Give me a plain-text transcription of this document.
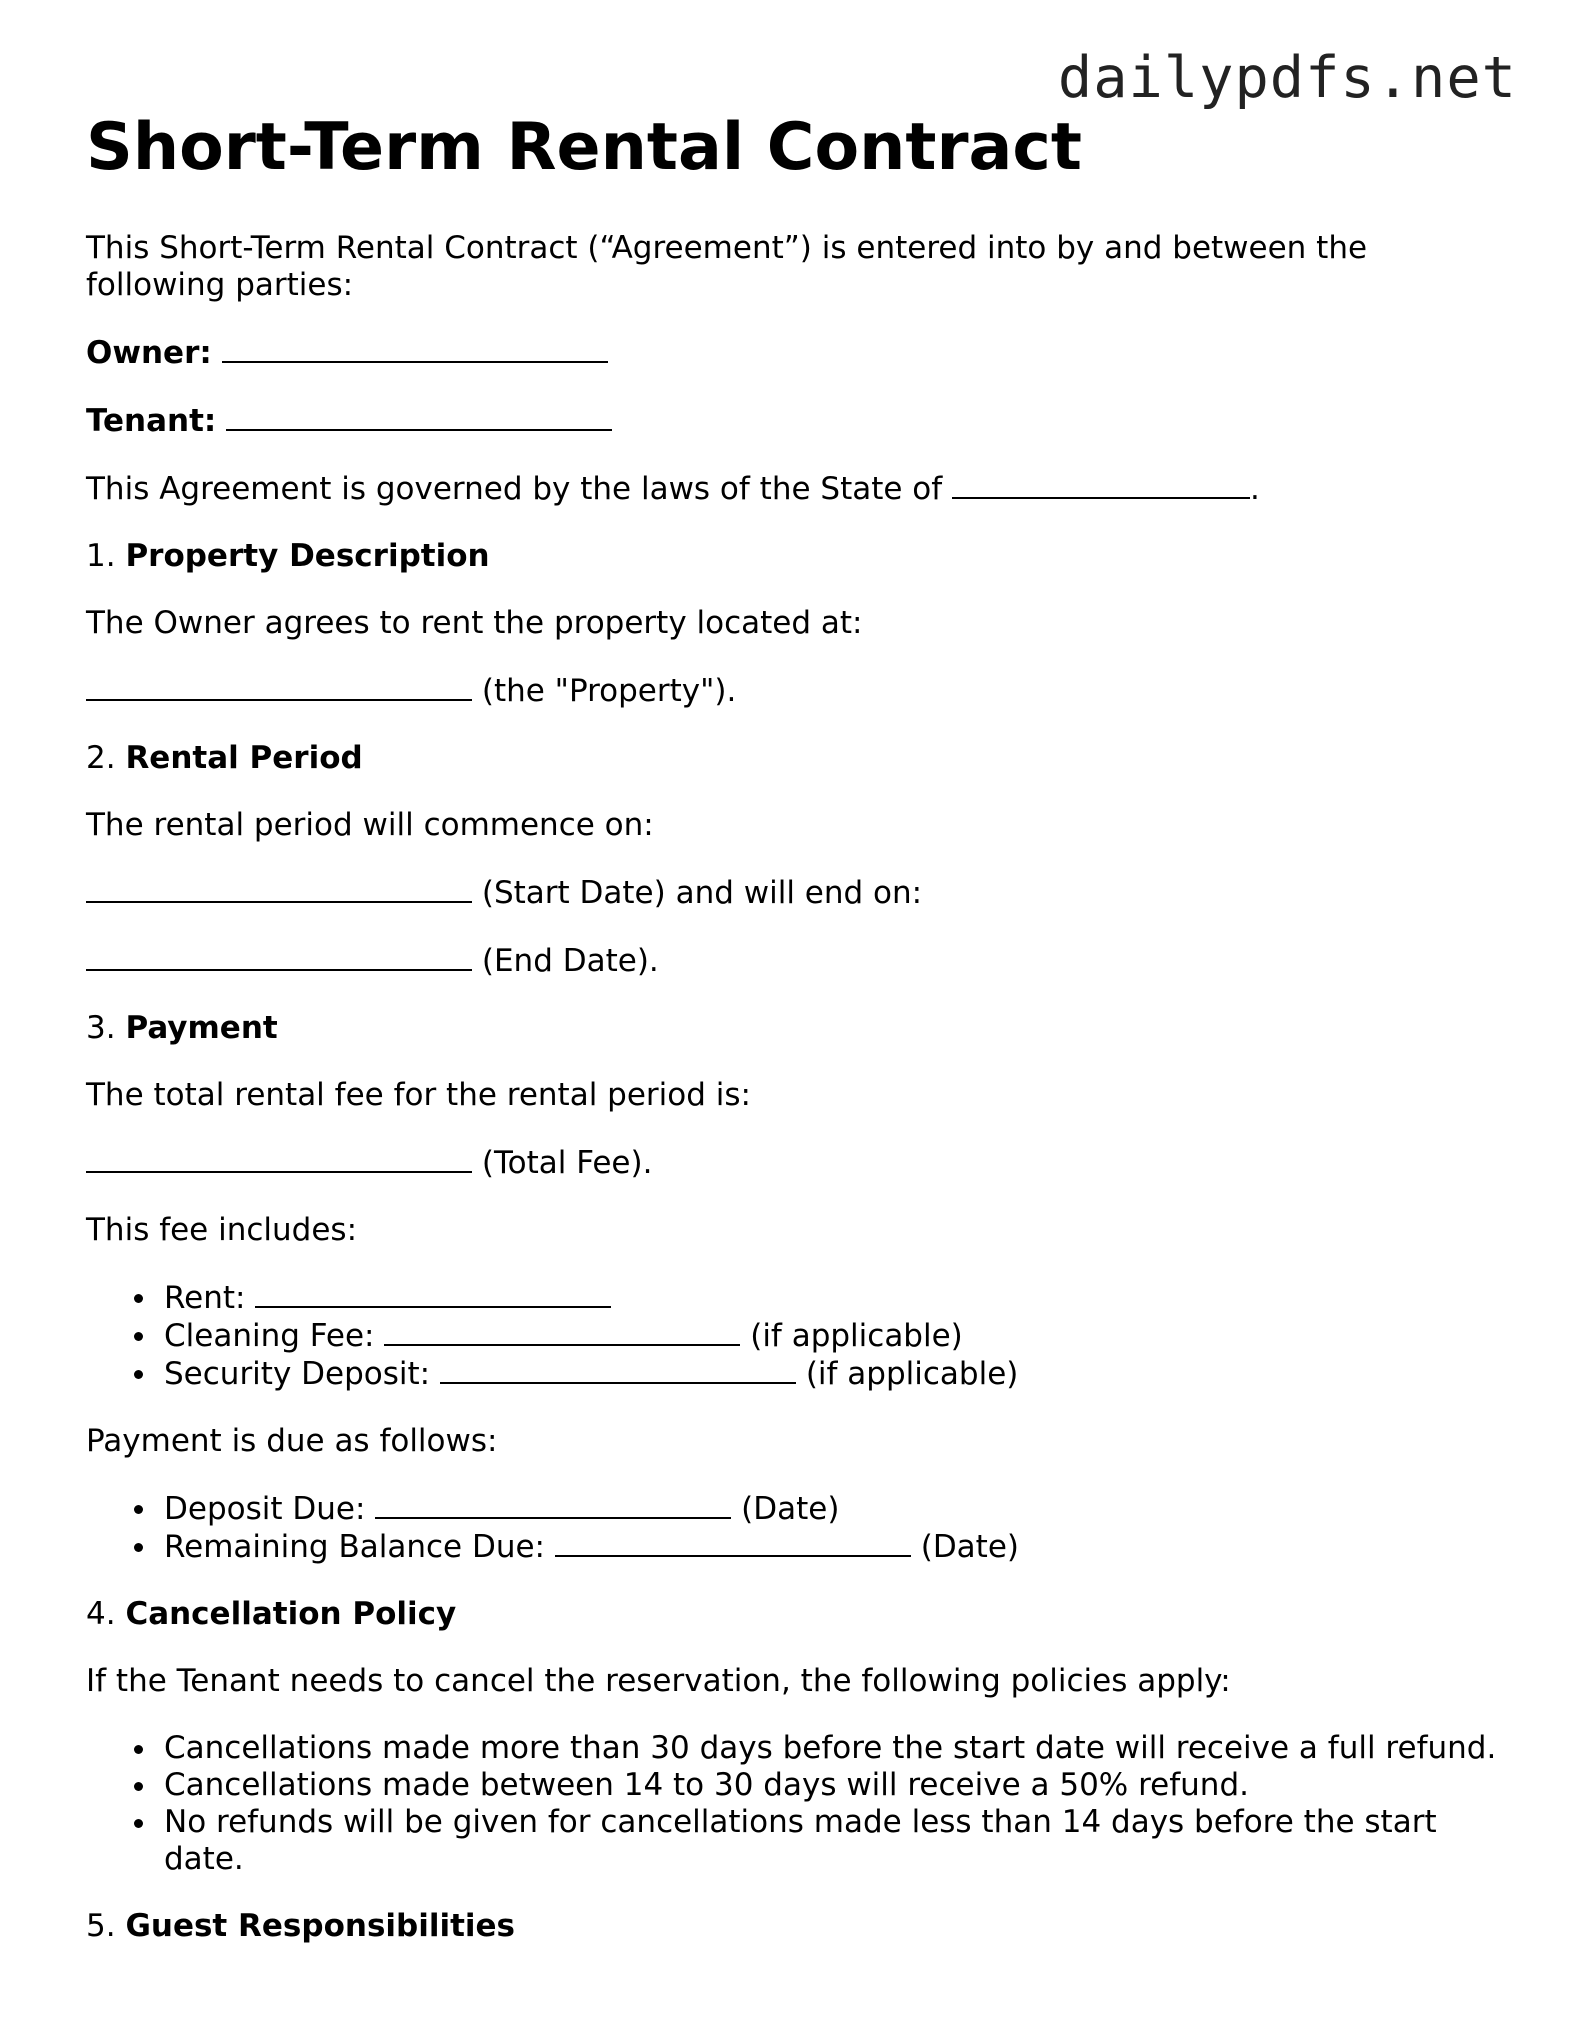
dailypdfs.net
Short-Term Rental Contract

This Short-Term Rental Contract (“Agreement”) is entered into by and between the following parties:

Owner:

Tenant:

This Agreement is governed by the laws of the State of	.

1. Property Description

The Owner agrees to rent the property located at:

(the "Property").

2. Rental Period

The rental period will commence on:

(Start Date) and will end on:

(End Date).

3. Payment

The total rental fee for the rental period is:

(Total Fee).

This fee includes:

Rent:
Cleaning Fee:	(if applicable)
Security Deposit:	(if applicable)

Payment is due as follows:

Deposit Due:	(Date)
Remaining Balance Due:	(Date)

4. Cancellation Policy

If the Tenant needs to cancel the reservation, the following policies apply:

Cancellations made more than 30 days before the start date will receive a full refund.
Cancellations made between 14 to 30 days will receive a 50% refund.
No refunds will be given for cancellations made less than 14 days before the start date.

5. Guest Responsibilities
